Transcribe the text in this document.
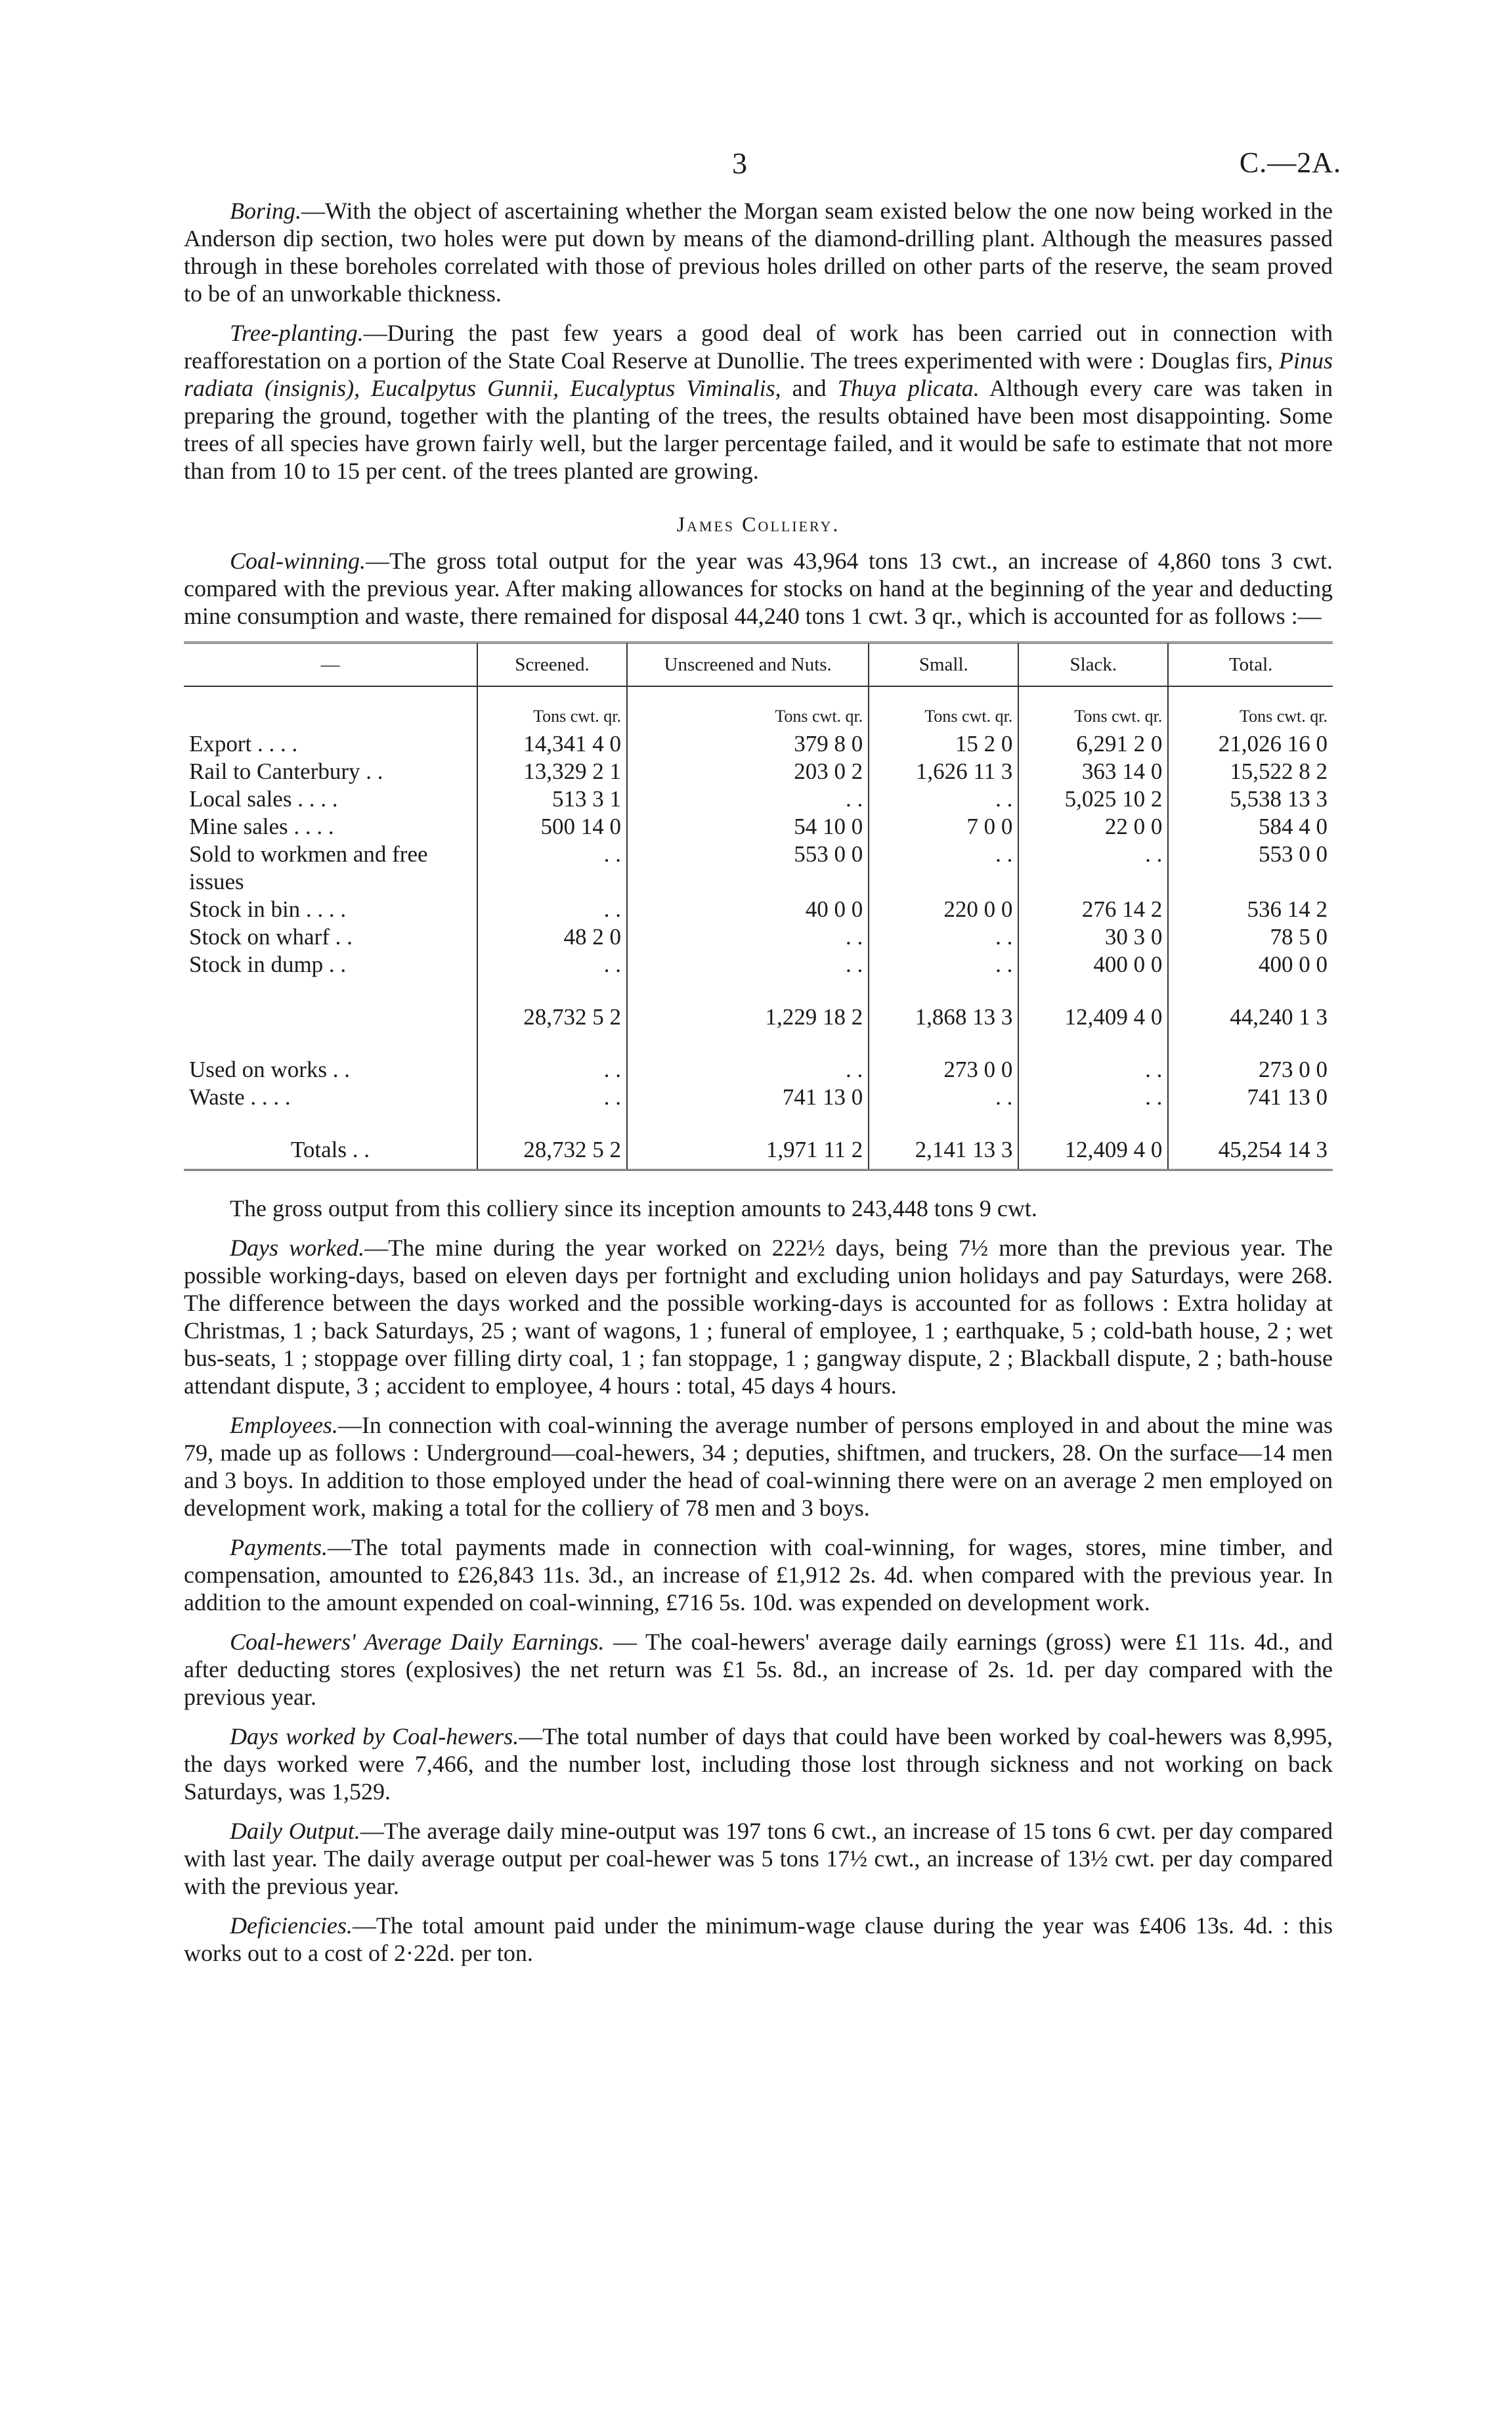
3	C.—2A.

Boring.—With the object of ascertaining whether the Morgan seam existed below the one now being worked in the Anderson dip section, two holes were put down by means of the diamond-drilling plant. Although the measures passed through in these boreholes correlated with those of previous holes drilled on other parts of the reserve, the seam proved to be of an unworkable thickness.

Tree-planting.—During the past few years a good deal of work has been carried out in connection with reafforestation on a portion of the State Coal Reserve at Dunollie. The trees experimented with were : Douglas firs, Pinus radiata (insignis), Eucalpytus Gunnii, Eucalyptus Viminalis, and Thuya plicata. Although every care was taken in preparing the ground, together with the planting of the trees, the results obtained have been most disappointing. Some trees of all species have grown fairly well, but the larger percentage failed, and it would be safe to estimate that not more than from 10 to 15 per cent. of the trees planted are growing.

James Colliery.

Coal-winning.—The gross total output for the year was 43,964 tons 13 cwt., an increase of 4,860 tons 3 cwt. compared with the previous year. After making allowances for stocks on hand at the beginning of the year and deducting mine consumption and waste, there remained for disposal 44,240 tons 1 cwt. 3 qr., which is accounted for as follows :—

—	Screened.	Unscreened and Nuts.	Small.	Slack.	Total.
	Tons cwt. qr.	Tons cwt. qr.	Tons cwt. qr.	Tons cwt. qr.	Tons cwt. qr.
Export . . . .	14,341 4 0	379 8 0	15 2 0	6,291 2 0	21,026 16 0
Rail to Canterbury . .	13,329 2 1	203 0 2	1,626 11 3	363 14 0	15,522 8 2
Local sales . . . .	513 3 1	. .	. .	5,025 10 2	5,538 13 3
Mine sales . . . .	500 14 0	54 10 0	7 0 0	22 0 0	584 4 0
Sold to workmen and free issues	. .	553 0 0	. .	. .	553 0 0
Stock in bin . . . .	. .	40 0 0	220 0 0	276 14 2	536 14 2
Stock on wharf . .	48 2 0	. .	. .	30 3 0	78 5 0
Stock in dump . .	. .	. .	. .	400 0 0	400 0 0

	28,732 5 2	1,229 18 2	1,868 13 3	12,409 4 0	44,240 1 3

Used on works . .	. .	. .	273 0 0	. .	273 0 0
Waste . . . .	. .	741 13 0	. .	. .	741 13 0

Totals . .	28,732 5 2	1,971 11 2	2,141 13 3	12,409 4 0	45,254 14 3

The gross output from this colliery since its inception amounts to 243,448 tons 9 cwt.

Days worked.—The mine during the year worked on 222½ days, being 7½ more than the previous year. The possible working-days, based on eleven days per fortnight and excluding union holidays and pay Saturdays, were 268. The difference between the days worked and the possible working-days is accounted for as follows : Extra holiday at Christmas, 1 ; back Saturdays, 25 ; want of wagons, 1 ; funeral of employee, 1 ; earthquake, 5 ; cold-bath house, 2 ; wet bus-seats, 1 ; stoppage over filling dirty coal, 1 ; fan stoppage, 1 ; gangway dispute, 2 ; Blackball dispute, 2 ; bath-house attendant dispute, 3 ; accident to employee, 4 hours : total, 45 days 4 hours.

Employees.—In connection with coal-winning the average number of persons employed in and about the mine was 79, made up as follows : Underground—coal-hewers, 34 ; deputies, shiftmen, and truckers, 28. On the surface—14 men and 3 boys. In addition to those employed under the head of coal-winning there were on an average 2 men employed on development work, making a total for the colliery of 78 men and 3 boys.

Payments.—The total payments made in connection with coal-winning, for wages, stores, mine timber, and compensation, amounted to £26,843 11s. 3d., an increase of £1,912 2s. 4d. when compared with the previous year. In addition to the amount expended on coal-winning, £716 5s. 10d. was expended on development work.

Coal-hewers' Average Daily Earnings. — The coal-hewers' average daily earnings (gross) were £1 11s. 4d., and after deducting stores (explosives) the net return was £1 5s. 8d., an increase of 2s. 1d. per day compared with the previous year.

Days worked by Coal-hewers.—The total number of days that could have been worked by coal-hewers was 8,995, the days worked were 7,466, and the number lost, including those lost through sickness and not working on back Saturdays, was 1,529.

Daily Output.—The average daily mine-output was 197 tons 6 cwt., an increase of 15 tons 6 cwt. per day compared with last year. The daily average output per coal-hewer was 5 tons 17½ cwt., an increase of 13½ cwt. per day compared with the previous year.

Deficiencies.—The total amount paid under the minimum-wage clause during the year was £406 13s. 4d. : this works out to a cost of 2·22d. per ton.
